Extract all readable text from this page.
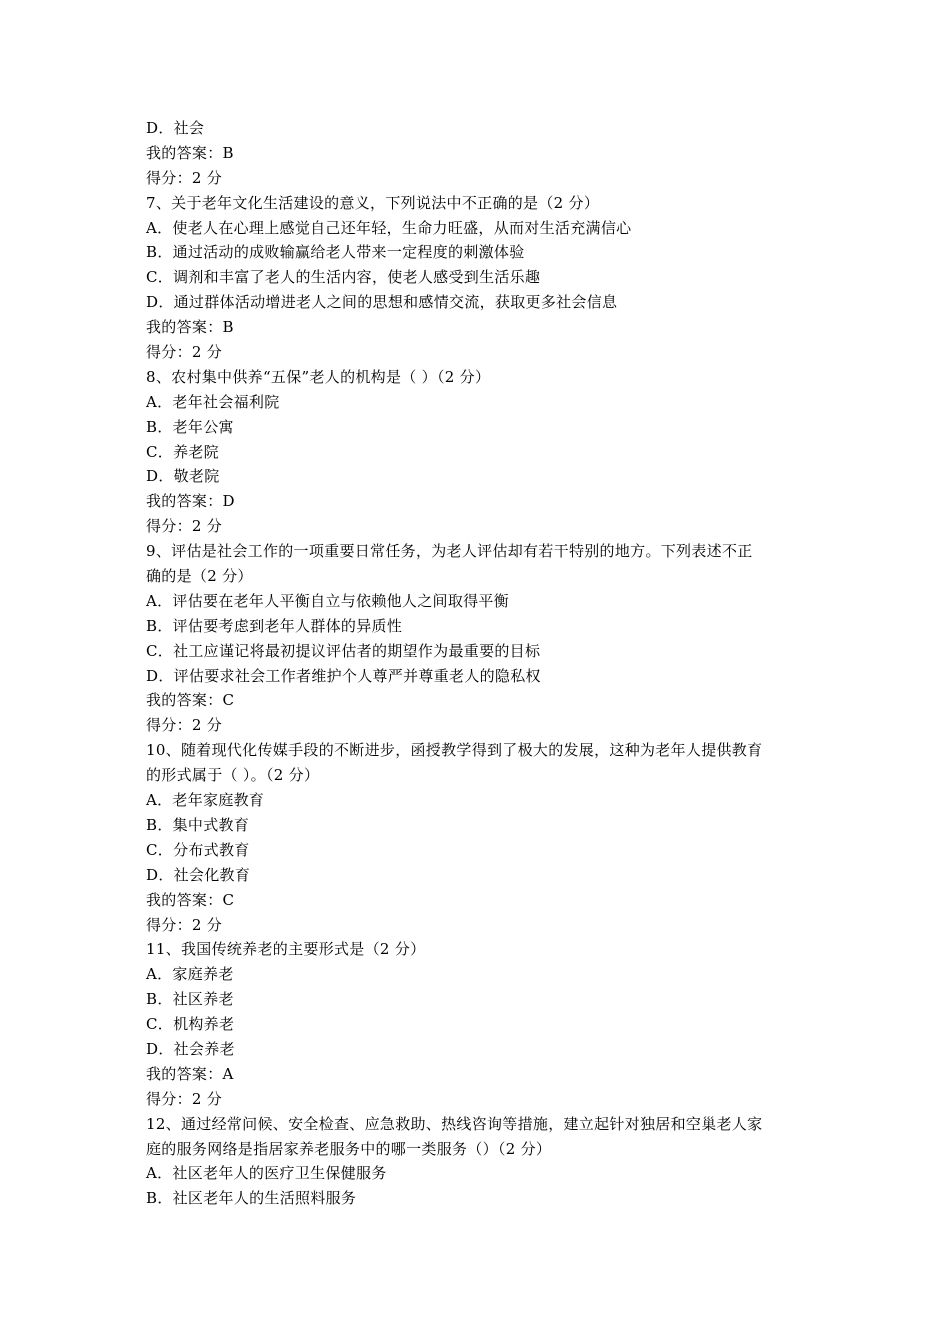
D．社会
我的答案：B
得分：2 分
7、关于老年文化生活建设的意义，下列说法中不正确的是（2 分）
A．使老人在心理上感觉自己还年轻，生命力旺盛，从而对生活充满信心
B．通过活动的成败输赢给老人带来一定程度的刺激体验
C．调剂和丰富了老人的生活内容，使老人感受到生活乐趣
D．通过群体活动增进老人之间的思想和感情交流，获取更多社会信息
我的答案：B
得分：2 分
8、农村集中供养“五保”老人的机构是（ ）（2 分）
A．老年社会福利院
B．老年公寓
C．养老院
D．敬老院
我的答案：D
得分：2 分
9、评估是社会工作的一项重要日常任务，为老人评估却有若干特别的地方。下列表述不正
确的是（2 分）
A．评估要在老年人平衡自立与依赖他人之间取得平衡
B．评估要考虑到老年人群体的异质性
C．社工应谨记将最初提议评估者的期望作为最重要的目标
D．评估要求社会工作者维护个人尊严并尊重老人的隐私权
我的答案：C
得分：2 分
10、随着现代化传媒手段的不断进步，函授教学得到了极大的发展，这种为老年人提供教育
的形式属于（ ）。（2 分）
A．老年家庭教育
B．集中式教育
C．分布式教育
D．社会化教育
我的答案：C
得分：2 分
11、我国传统养老的主要形式是（2 分）
A．家庭养老
B．社区养老
C．机构养老
D．社会养老
我的答案：A
得分：2 分
12、通过经常问候、安全检查、应急救助、热线咨询等措施，建立起针对独居和空巢老人家
庭的服务网络是指居家养老服务中的哪一类服务（）（2 分）
A．社区老年人的医疗卫生保健服务
B．社区老年人的生活照料服务
